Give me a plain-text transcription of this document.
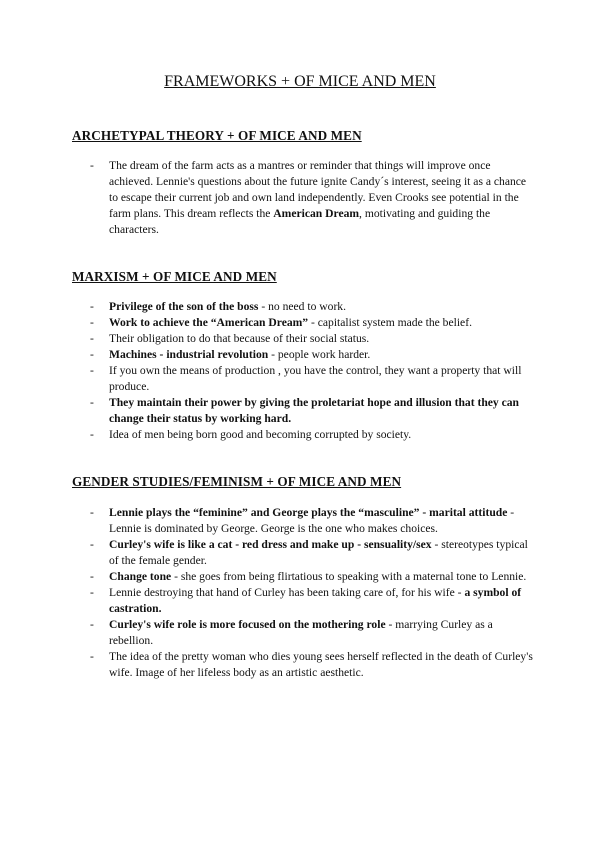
FRAMEWORKS + OF MICE AND MEN
ARCHETYPAL THEORY + OF MICE AND MEN
- The dream of the farm acts as a mantres or reminder that things will improve once achieved. Lennie's questions about the future ignite Candy´s interest, seeing it as a chance to escape their current job and own land independently. Even Crooks see potential in the farm plans. This dream reflects the American Dream, motivating and guiding the characters.
MARXISM + OF MICE AND MEN
- Privilege of the son of the boss - no need to work.
- Work to achieve the “American Dream” - capitalist system made the belief.
- Their obligation to do that because of their social status.
- Machines - industrial revolution - people work harder.
- If you own the means of production , you have the control, they want a property that will produce.
- They maintain their power by giving the proletariat hope and illusion that they can change their status by working hard.
- Idea of men being born good and becoming corrupted by society.
GENDER STUDIES/FEMINISM + OF MICE AND MEN
- Lennie plays the “feminine” and George plays the “masculine” - marital attitude - Lennie is dominated by George. George is the one who makes choices.
- Curley's wife is like a cat - red dress and make up - sensuality/sex - stereotypes typical of the female gender.
- Change tone - she goes from being flirtatious to speaking with a maternal tone to Lennie.
- Lennie destroying that hand of Curley has been taking care of, for his wife - a symbol of castration.
- Curley's wife role is more focused on the mothering role - marrying Curley as a rebellion.
- The idea of the pretty woman who dies young sees herself reflected in the death of Curley's wife. Image of her lifeless body as an artistic aesthetic.
